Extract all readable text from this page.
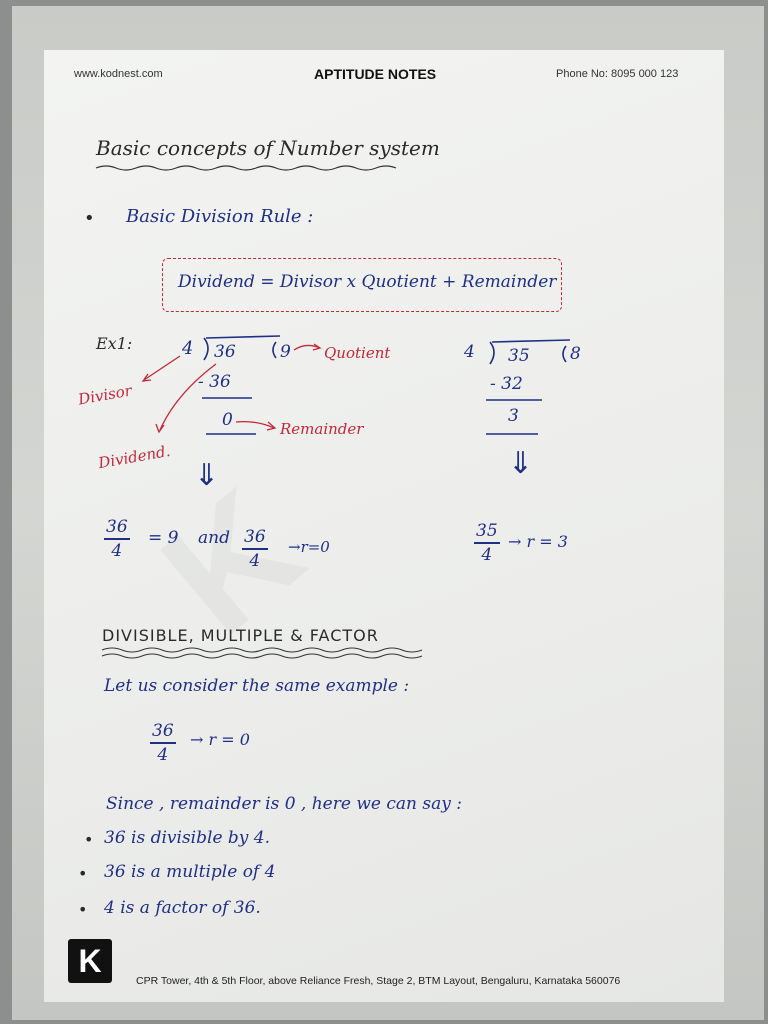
www.kodnest.com	APTITUDE NOTES	Phone No: 8095 000 123
Basic concepts of Number system
• Basic Division Rule :
Dividend = Divisor x Quotient + Remainder
Ex1:	4 36	9
- 36
0
Quotient
Divisor
Dividend.
Remainder
⇓
$\frac{36}{4} = 9$ and $\frac{36}{4} \to r=0$
4 35 8
- 32
3
⇓
$\frac{35}{4} \to r = 3$
DIVISIBLE, MULTIPLE & FACTOR
Let us consider the same example :
$\frac{36}{4} \to r = 0$
Since , remainder is 0 , here we can say :
• 36 is divisible by 4.
• 36 is a multiple of 4
• 4 is a factor of 36.
K
CPR Tower, 4th & 5th Floor, above Reliance Fresh, Stage 2, BTM Layout, Bengaluru, Karnataka 560076
